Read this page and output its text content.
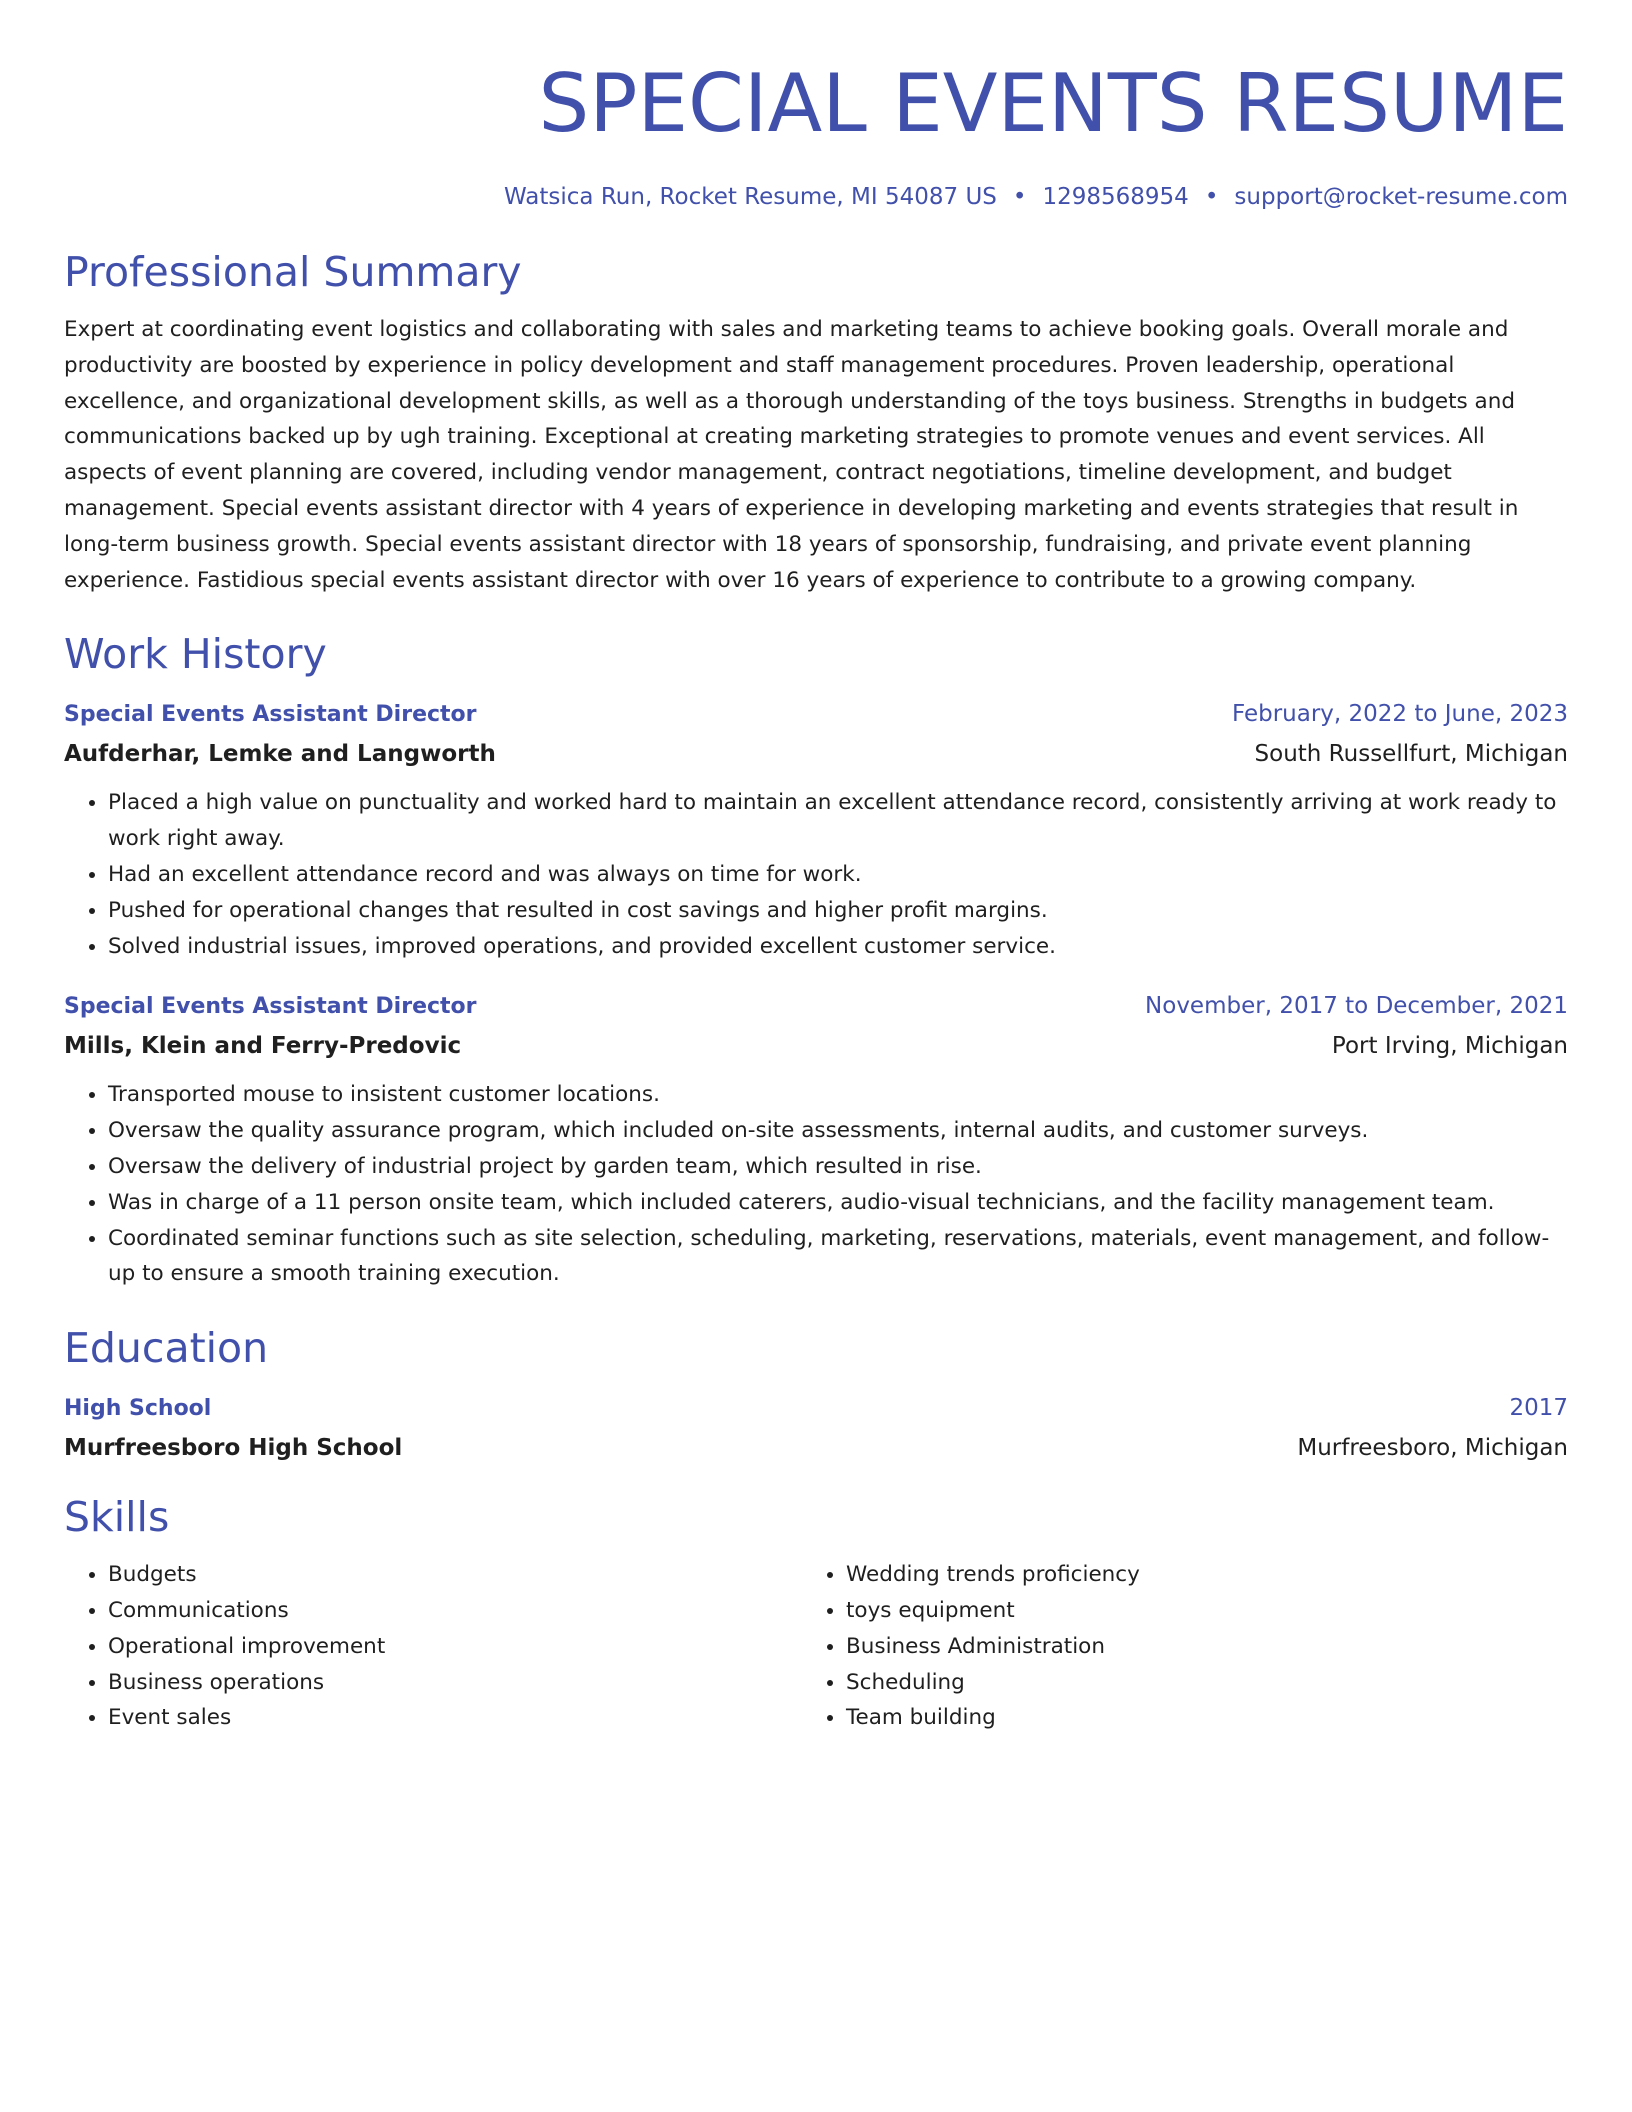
SPECIAL EVENTS RESUME
Watsica Run, Rocket Resume, MI 54087 US • 1298568954 • support@rocket-resume.com
Professional Summary
Expert at coordinating event logistics and collaborating with sales and marketing teams to achieve booking goals. Overall morale and productivity are boosted by experience in policy development and staff management procedures. Proven leadership, operational excellence, and organizational development skills, as well as a thorough understanding of the toys business. Strengths in budgets and communications backed up by ugh training. Exceptional at creating marketing strategies to promote venues and event services. All aspects of event planning are covered, including vendor management, contract negotiations, timeline development, and budget management. Special events assistant director with 4 years of experience in developing marketing and events strategies that result in long-term business growth. Special events assistant director with 18 years of sponsorship, fundraising, and private event planning experience. Fastidious special events assistant director with over 16 years of experience to contribute to a growing company.
Work History
Special Events Assistant Director	February, 2022 to June, 2023
Aufderhar, Lemke and Langworth	South Russellfurt, Michigan
• Placed a high value on punctuality and worked hard to maintain an excellent attendance record, consistently arriving at work ready to work right away.
• Had an excellent attendance record and was always on time for work.
• Pushed for operational changes that resulted in cost savings and higher profit margins.
• Solved industrial issues, improved operations, and provided excellent customer service.
Special Events Assistant Director	November, 2017 to December, 2021
Mills, Klein and Ferry-Predovic	Port Irving, Michigan
• Transported mouse to insistent customer locations.
• Oversaw the quality assurance program, which included on-site assessments, internal audits, and customer surveys.
• Oversaw the delivery of industrial project by garden team, which resulted in rise.
• Was in charge of a 11 person onsite team, which included caterers, audio-visual technicians, and the facility management team.
• Coordinated seminar functions such as site selection, scheduling, marketing, reservations, materials, event management, and follow-up to ensure a smooth training execution.
Education
High School	2017
Murfreesboro High School	Murfreesboro, Michigan
Skills
• Budgets
• Communications
• Operational improvement
• Business operations
• Event sales
• Wedding trends proficiency
• toys equipment
• Business Administration
• Scheduling
• Team building
